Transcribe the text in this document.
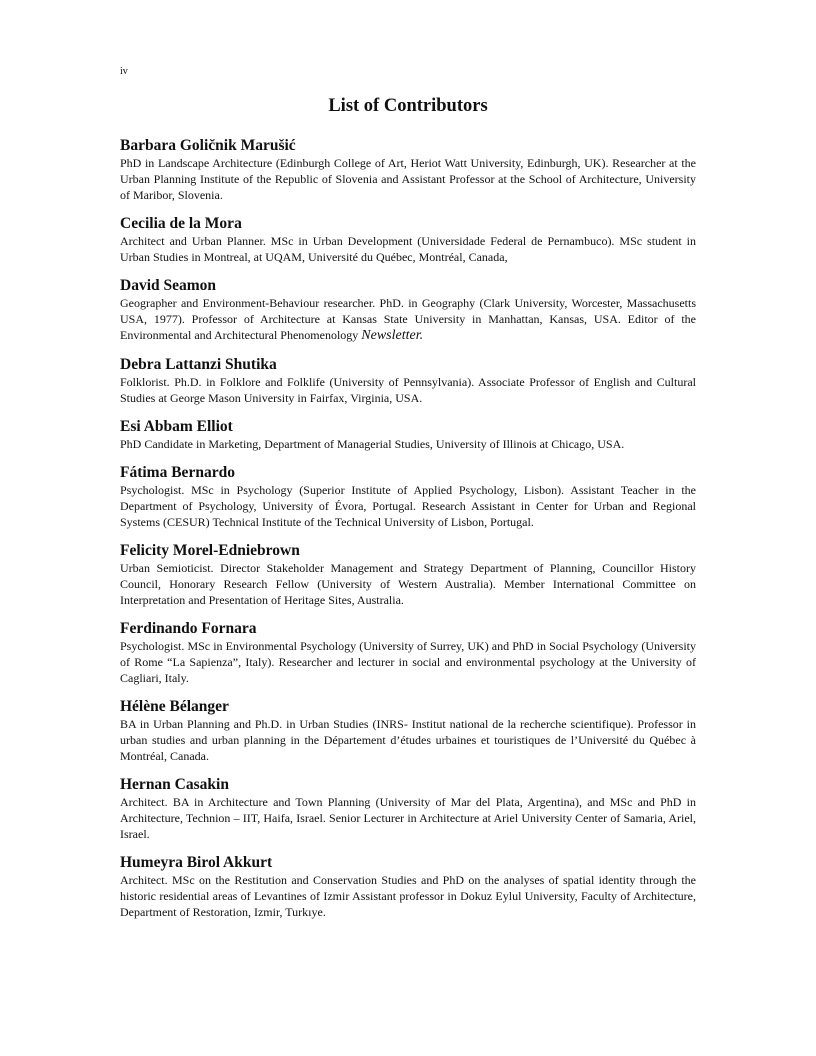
iv
List of Contributors

Barbara Goličnik Marušić

PhD in Landscape Architecture (Edinburgh College of Art, Heriot Watt University, Edinburgh, UK). Researcher at the Urban Planning Institute of the Republic of Slovenia and Assistant Professor at the School of Architecture, University of Maribor, Slovenia.

Cecilia de la Mora

Architect and Urban Planner. MSc in Urban Development (Universidade Federal de Pernambuco). MSc student in Urban Studies in Montreal, at UQAM, Université du Québec, Montréal, Canada,

David Seamon

Geographer and Environment-Behaviour researcher. PhD. in Geography (Clark University, Worcester, Massachusetts USA, 1977). Professor of Architecture at Kansas State University in Manhattan, Kansas, USA. Editor of the Environmental and Architectural Phenomenology Newsletter.

Debra Lattanzi Shutika

Folklorist. Ph.D. in Folklore and Folklife (University of Pennsylvania). Associate Professor of English and Cultural Studies at George Mason University in Fairfax, Virginia, USA.

Esi Abbam Elliot

PhD Candidate in Marketing, Department of Managerial Studies, University of Illinois at Chicago, USA.

Fátima Bernardo

Psychologist. MSc in Psychology (Superior Institute of Applied Psychology, Lisbon). Assistant Teacher in the Department of Psychology, University of Évora, Portugal. Research Assistant in Center for Urban and Regional Systems (CESUR) Technical Institute of the Technical University of Lisbon, Portugal.

Felicity Morel-Edniebrown

Urban Semioticist. Director Stakeholder Management and Strategy Department of Planning, Councillor History Council, Honorary Research Fellow (University of Western Australia). Member International Committee on Interpretation and Presentation of Heritage Sites, Australia.

Ferdinando Fornara

Psychologist. MSc in Environmental Psychology (University of Surrey, UK) and PhD in Social Psychology (University of Rome “La Sapienza”, Italy). Researcher and lecturer in social and environmental psychology at the University of Cagliari, Italy.

Hélène Bélanger

BA in Urban Planning and Ph.D. in Urban Studies (INRS- Institut national de la recherche scientifique). Professor in urban studies and urban planning in the Département d’études urbaines et touristiques de l’Université du Québec à Montréal, Canada.

Hernan Casakin

Architect. BA in Architecture and Town Planning (University of Mar del Plata, Argentina), and MSc and PhD in Architecture, Technion – IIT, Haifa, Israel. Senior Lecturer in Architecture at Ariel University Center of Samaria, Ariel, Israel.

Humeyra Birol Akkurt

Architect. MSc on the Restitution and Conservation Studies and PhD on the analyses of spatial identity through the historic residential areas of Levantines of Izmir Assistant professor in Dokuz Eylul University, Faculty of Architecture, Department of Restoration, Izmir, Turkıye.
